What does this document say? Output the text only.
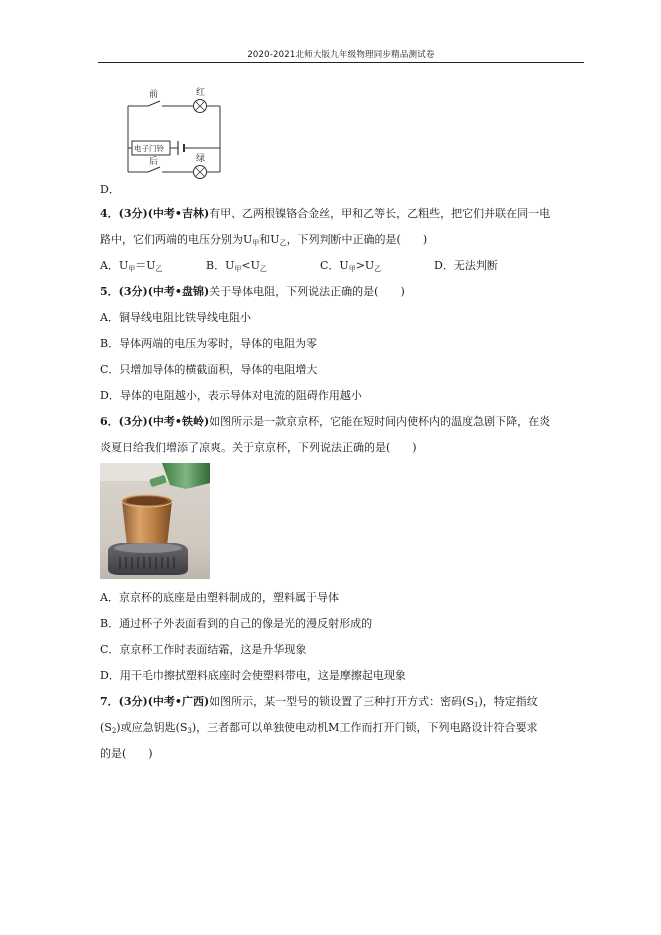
2020-2021北师大版九年级物理同步精品测试卷
前	红
电子门铃
后	绿
D．
4．(3分)(中考•吉林)有甲、乙两根镍铬合金丝，甲和乙等长，乙粗些，把它们并联在同一电
路中，它们两端的电压分别为$U_甲$和$U_乙$，下列判断中正确的是(　　)
A．$U_甲=U_乙$	B．$U_甲<U_乙$	C．$U_甲>U_乙$	D．无法判断
5．(3分)(中考•盘锦)关于导体电阻，下列说法正确的是(　　)
A．铜导线电阻比铁导线电阻小
B．导体两端的电压为零时，导体的电阻为零
C．只增加导体的横截面积，导体的电阻增大
D．导体的电阻越小，表示导体对电流的阻碍作用越小
6．(3分)(中考•铁岭)如图所示是一款京京杯，它能在短时间内使杯内的温度急剧下降，在炎
炎夏日给我们增添了凉爽。关于京京杯，下列说法正确的是(　　)
A．京京杯的底座是由塑料制成的，塑料属于导体
B．通过杯子外表面看到的自己的像是光的漫反射形成的
C．京京杯工作时表面结霜，这是升华现象
D．用干毛巾擦拭塑料底座时会使塑料带电，这是摩擦起电现象
7．(3分)(中考•广西)如图所示，某一型号的锁设置了三种打开方式：密码$(S_1)$，特定指纹
$(S_2)$或应急钥匙$(S_3)$，三者都可以单独使电动机M工作而打开门锁，下列电路设计符合要求
的是(　　)
